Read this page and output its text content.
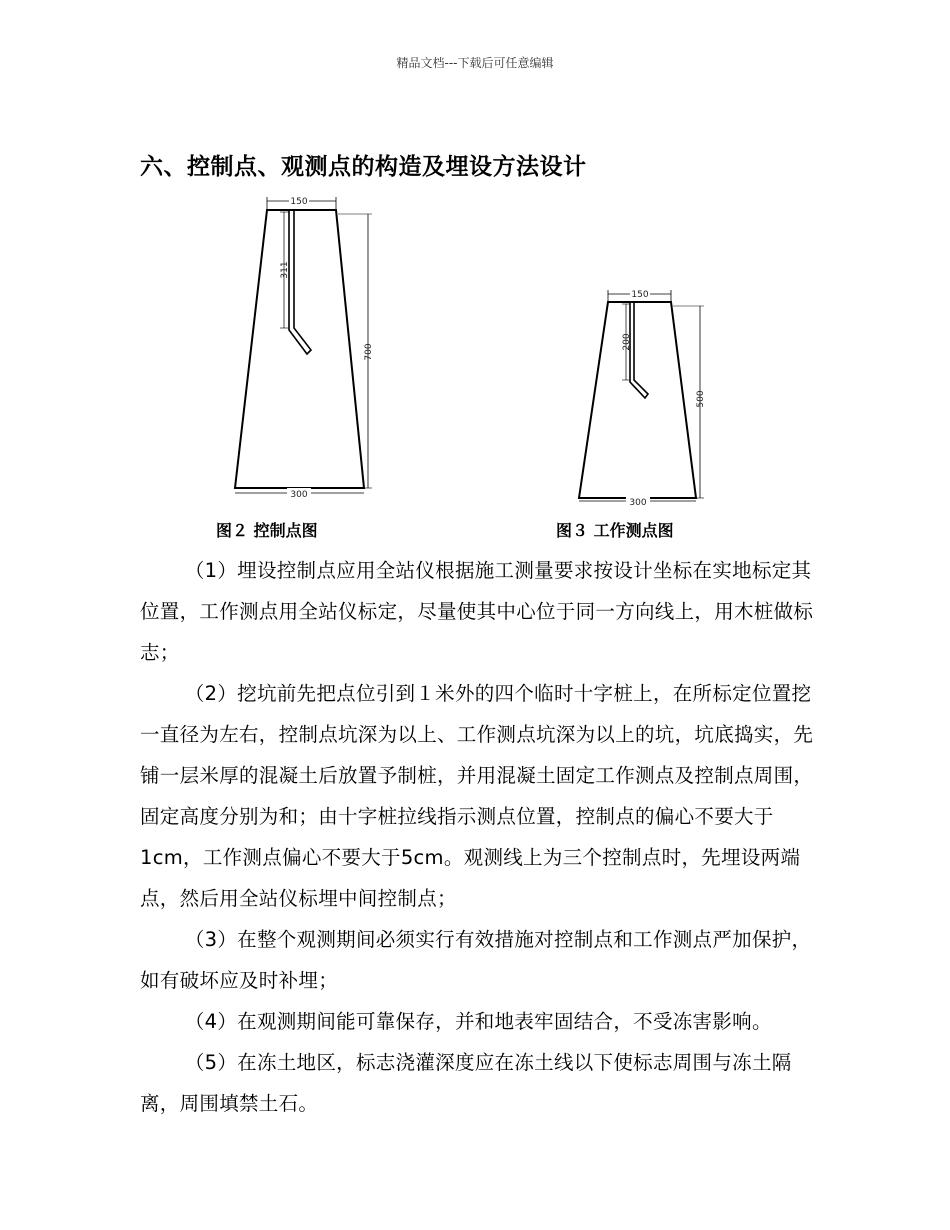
精品文档---下载后可任意编辑
六、控制点、观测点的构造及埋设方法设计
150
300
700
311
150
300
500
200
图２ 控制点图	图３ 工作测点图

（1）埋设控制点应用全站仪根据施工测量要求按设计坐标在实地标定其位置，工作测点用全站仪标定，尽量使其中心位于同一方向线上，用木桩做标志；

（2）挖坑前先把点位引到１米外的四个临时十字桩上，在所标定位置挖一直径为左右，控制点坑深为以上、工作测点坑深为以上的坑，坑底捣实，先铺一层米厚的混凝土后放置予制桩，并用混凝土固定工作测点及控制点周围，固定高度分别为和；由十字桩拉线指示测点位置，控制点的偏心不要大于1cm，工作测点偏心不要大于5cm。观测线上为三个控制点时，先埋设两端点，然后用全站仪标埋中间控制点；

（3）在整个观测期间必须实行有效措施对控制点和工作测点严加保护，如有破坏应及时补埋；

（4）在观测期间能可靠保存，并和地表牢固结合，不受冻害影响。

（5）在冻土地区，标志浇灌深度应在冻土线以下使标志周围与冻土隔离，周围填禁土石。
